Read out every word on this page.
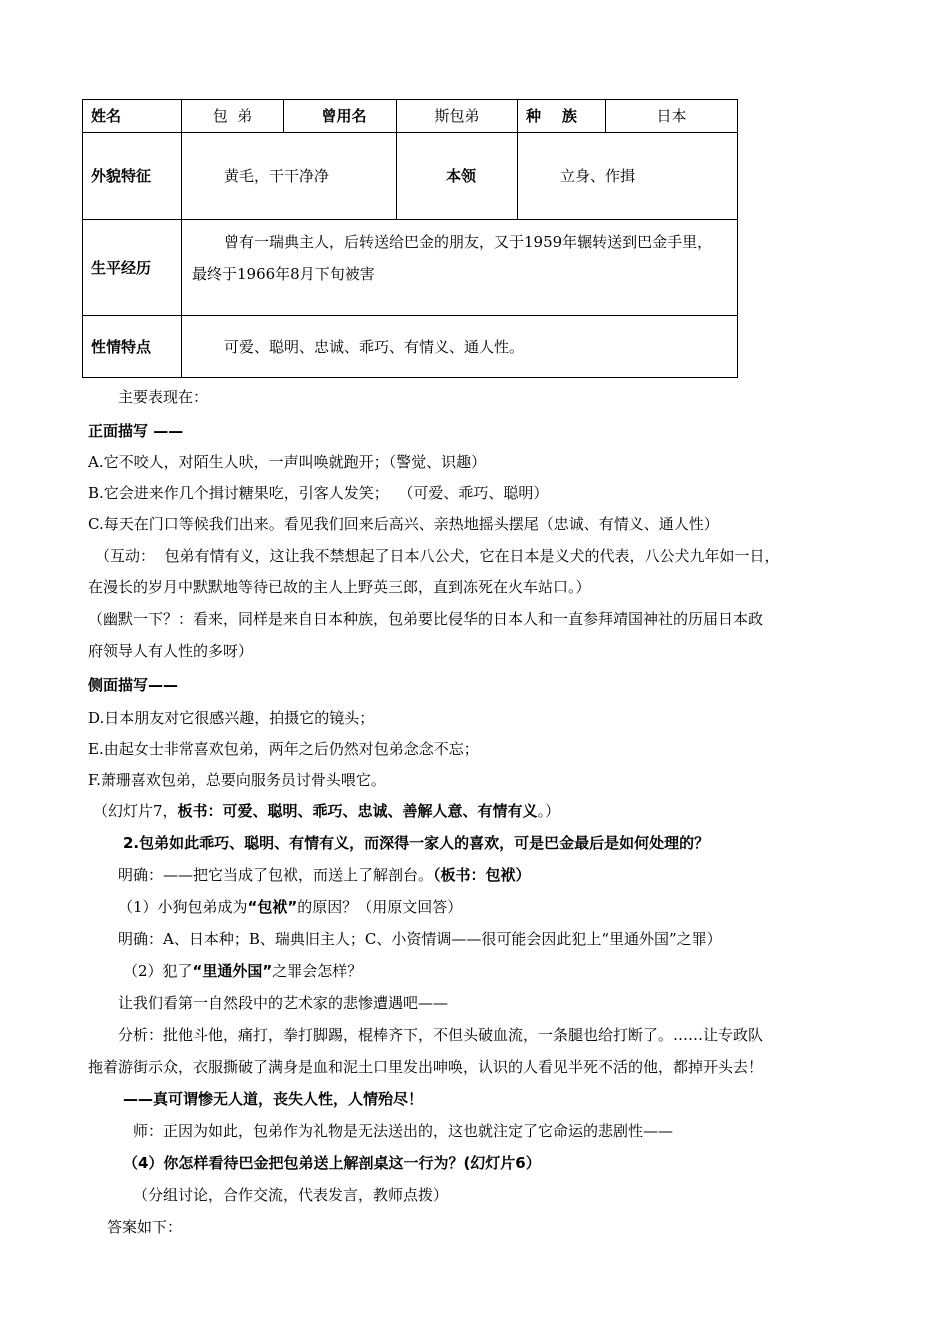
姓名	包  弟	曾用名	斯包弟	种    族	日本
外貌特征	黄毛，干干净净		本领	立身、作揖	
生平经历	曾有一瑞典主人，后转送给巴金的朋友，又于1959年辗转送到巴金手里，最终于1966年8月下旬被害				
性情特点	可爱、聪明、忠诚、乖巧、有情义、通人性。				
主要表现在：
正面描写 ——
A.它不咬人，对陌生人吠，一声叫唤就跑开；（警觉、识趣）
B.它会进来作几个揖讨糖果吃，引客人发笑；  （可爱、乖巧、聪明）
C.每天在门口等候我们出来。看见我们回来后高兴、亲热地摇头摆尾（忠诚、有情义、通人性）
（互动：  包弟有情有义，这让我不禁想起了日本八公犬，它在日本是义犬的代表，八公犬九年如一日，
在漫长的岁月中默默地等待已故的主人上野英三郎，直到冻死在火车站口。）
（幽默一下？：看来，同样是来自日本种族，包弟要比侵华的日本人和一直参拜靖国神社的历届日本政
府领导人有人性的多呀）
侧面描写——
D.日本朋友对它很感兴趣，拍摄它的镜头；
E.由起女士非常喜欢包弟，两年之后仍然对包弟念念不忘；
F.萧珊喜欢包弟，总要向服务员讨骨头喂它。
（幻灯片7，板书：可爱、聪明、乖巧、忠诚、善解人意、有情有义。）
2.包弟如此乖巧、聪明、有情有义，而深得一家人的喜欢，可是巴金最后是如何处理的？
明确：——把它当成了包袱，而送上了解剖台。（板书：包袱）
（1）小狗包弟成为“包袱”的原因？（用原文回答）
明确：A、日本种；B、瑞典旧主人；C、小资情调——很可能会因此犯上“里通外国”之罪）
（2）犯了“里通外国”之罪会怎样？
让我们看第一自然段中的艺术家的悲惨遭遇吧——
分析：批他斗他，痛打，拳打脚踢，棍棒齐下，不但头破血流，一条腿也给打断了。……让专政队
拖着游街示众，衣服撕破了满身是血和泥土口里发出呻唤，认识的人看见半死不活的他，都掉开头去！
——真可谓惨无人道，丧失人性，人情殆尽！
师：正因为如此，包弟作为礼物是无法送出的，这也就注定了它命运的悲剧性——
（4）你怎样看待巴金把包弟送上解剖桌这一行为？(幻灯片6）
（分组讨论，合作交流，代表发言，教师点拨）
答案如下：
